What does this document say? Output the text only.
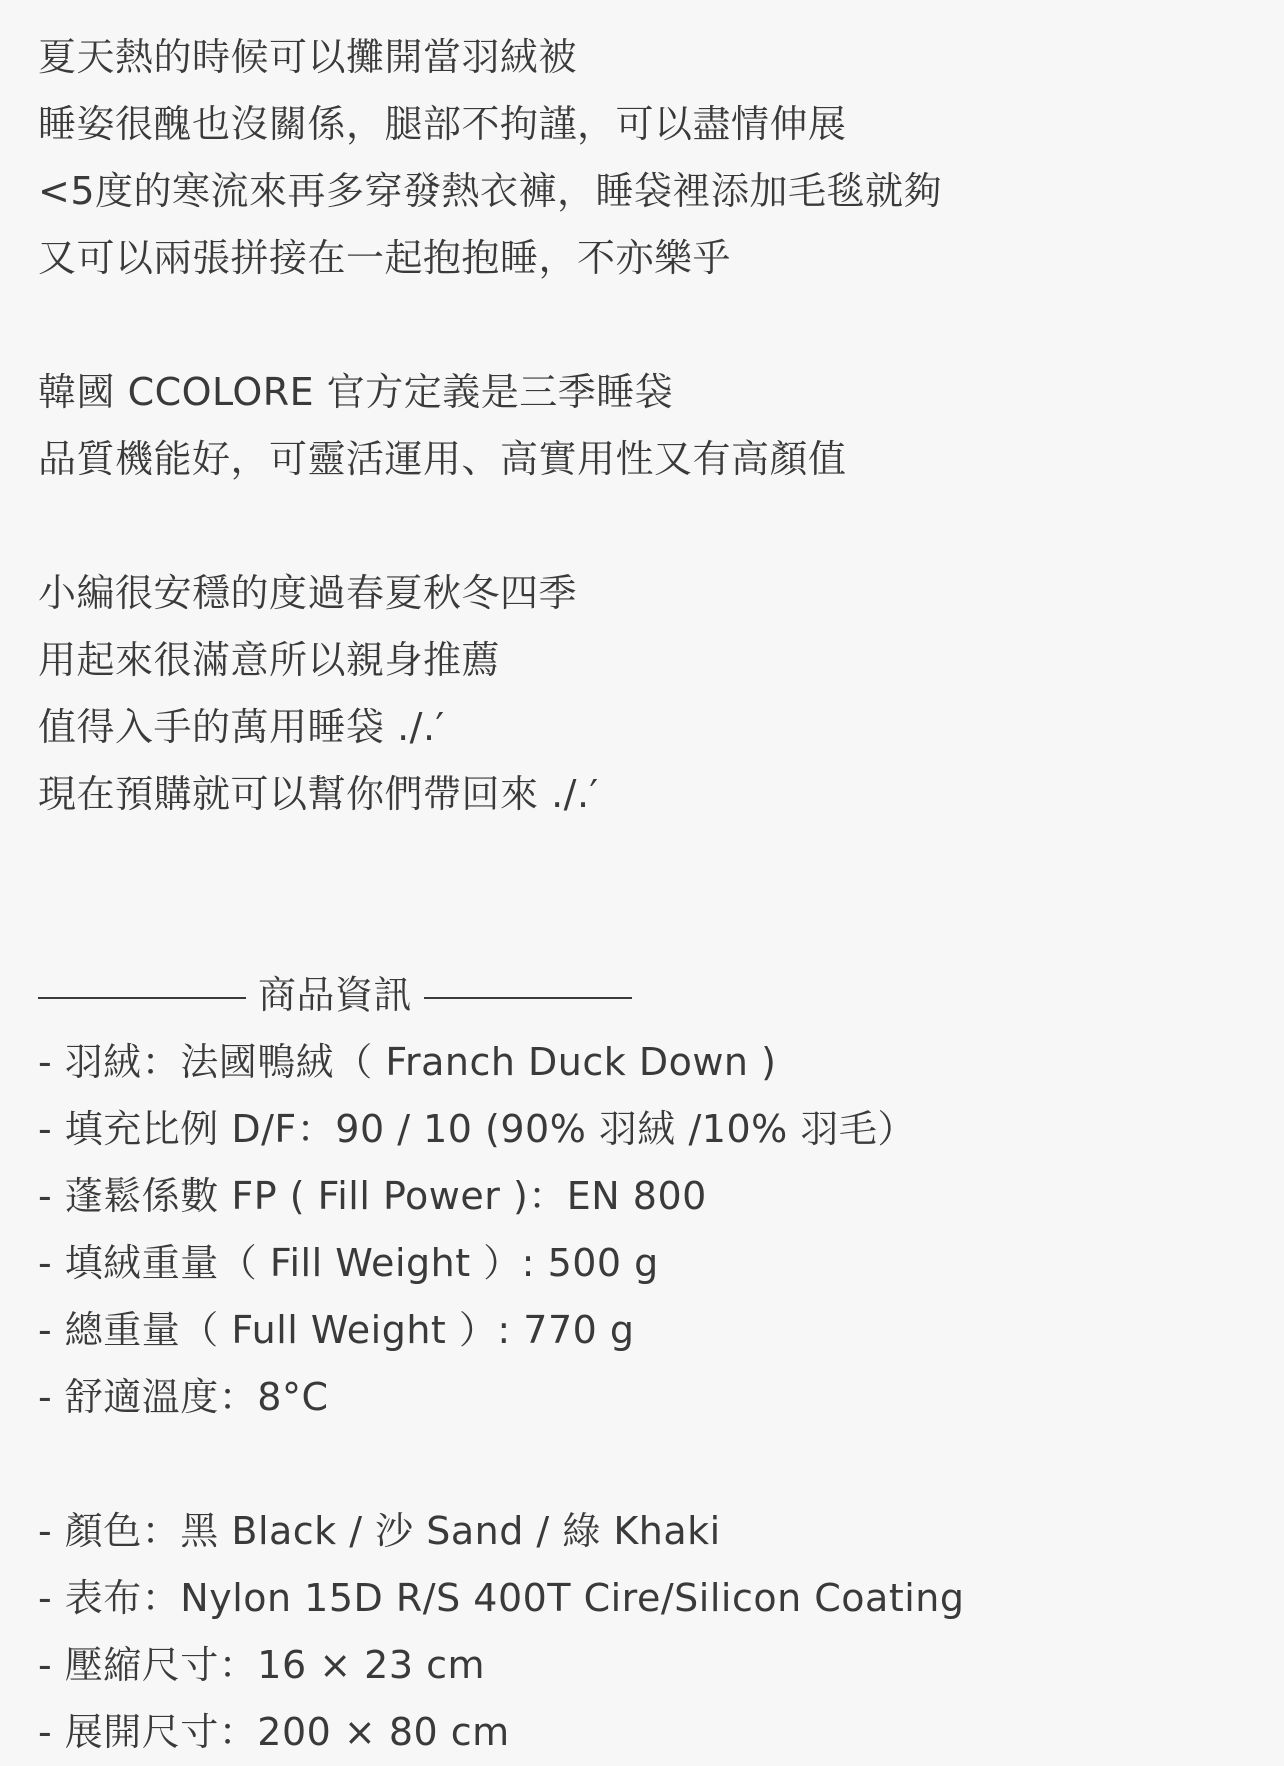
夏天熱的時候可以攤開當羽絨被
睡姿很醜也沒關係，腿部不拘謹，可以盡情伸展
<5度的寒流來再多穿發熱衣褲，睡袋裡添加毛毯就夠
又可以兩張拼接在一起抱抱睡，不亦樂乎
韓國 CCOLORE 官方定義是三季睡袋
品質機能好，可靈活運用、高實用性又有高顏值
小編很安穩的度過春夏秋冬四季
用起來很滿意所以親身推薦
值得入手的萬用睡袋 ./.′
現在預購就可以幫你們帶回來 ./.′
商品資訊
- 羽絨：法國鴨絨（ Franch Duck Down )
- 填充比例 D/F：90 / 10 (90% 羽絨 /10% 羽毛）
- 蓬鬆係數 FP ( Fill Power )：EN 800
- 填絨重量（ Fill Weight ）: 500 g
- 總重量（ Full Weight ）: 770 g
- 舒適溫度：8°C
- 顏色：黑 Black / 沙 Sand / 綠 Khaki
- 表布：Nylon 15D R/S 400T Cire/Silicon Coating
- 壓縮尺寸：16 × 23 cm
- 展開尺寸：200 × 80 cm
